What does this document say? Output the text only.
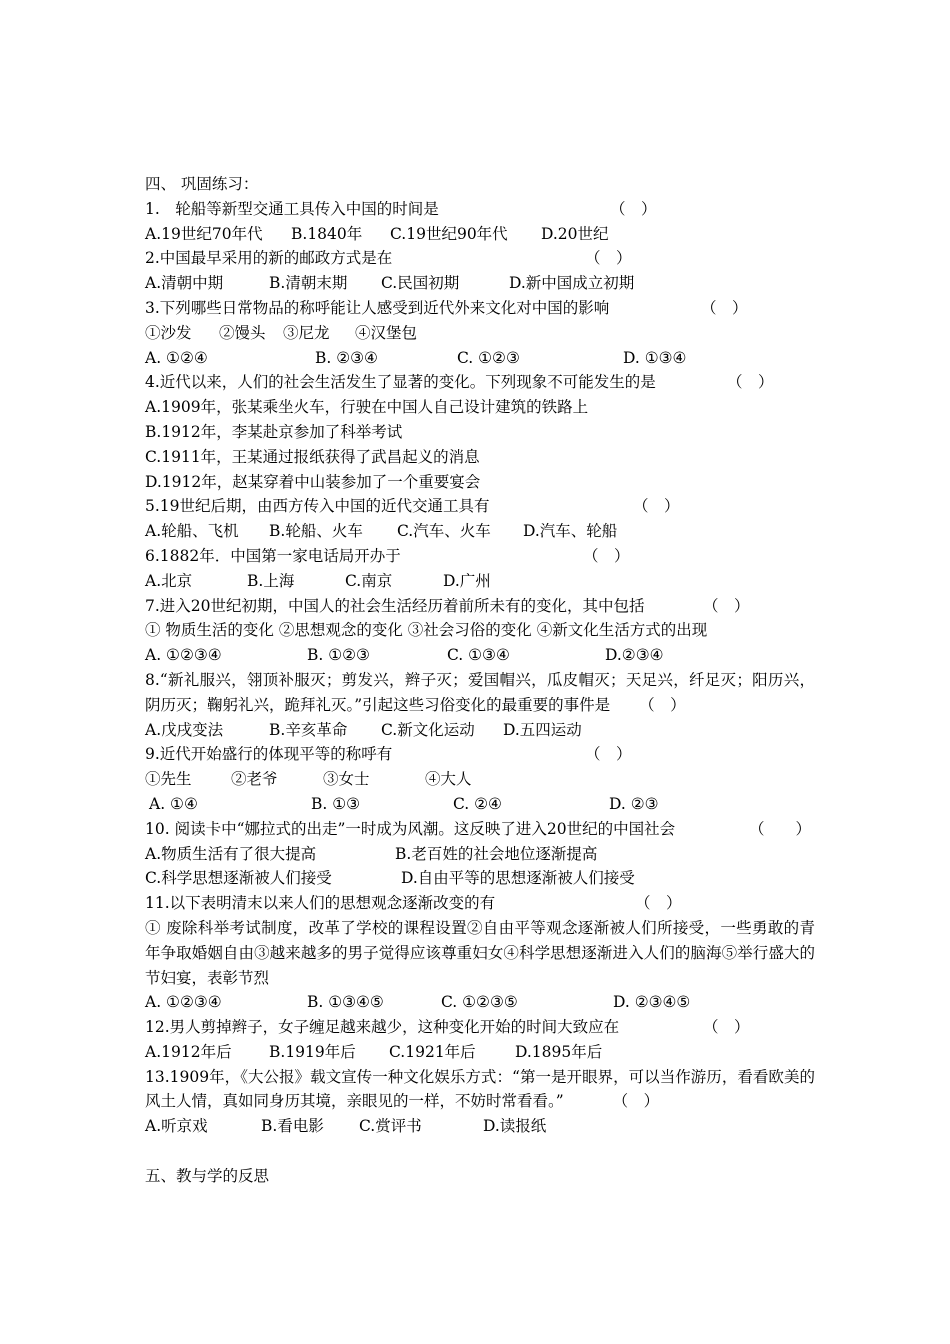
四、 巩固练习：
1.　轮船等新型交通工具传入中国的时间是	（　）
A.19世纪70年代 B.1840年 C.19世纪90年代 D.20世纪
2.中国最早采用的新的邮政方式是在	（　）
A.清朝中期	B.清朝末期 C.民国初期	D.新中国成立初期
3.下列哪些日常物品的称呼能让人感受到近代外来文化对中国的影响	（　）
①沙发 ②馒头 ③尼龙 ④汉堡包
A. ①②④	B. ②③④	C. ①②③	D. ①③④
4.近代以来，人们的社会生活发生了显著的变化。下列现象不可能发生的是	（　）
A.1909年，张某乘坐火车，行驶在中国人自己设计建筑的铁路上
B.1912年，李某赴京参加了科举考试
C.1911年，王某通过报纸获得了武昌起义的消息
D.1912年，赵某穿着中山装参加了一个重要宴会
5.19世纪后期，由西方传入中国的近代交通工具有	（　）
A.轮船、飞机 B.轮船、火车 C.汽车、火车 D.汽车、轮船
6.1882年．中国第一家电话局开办于	（　）
A.北京	B.上海	C.南京	D.广州
7.进入20世纪初期，中国人的社会生活经历着前所未有的变化，其中包括	（　）
① 物质生活的变化 ②思想观念的变化 ③社会习俗的变化 ④新文化生活方式的出现
A. ①②③④	B. ①②③	C. ①③④	D.②③④
8.“新礼服兴，翎顶补服灭；剪发兴，辫子灭；爱国帽兴，瓜皮帽灭；天足兴，纤足灭；阳历兴，阴历灭；鞠躬礼兴，跪拜礼灭。”引起这些习俗变化的最重要的事件是 （　）
A.戊戌变法	B.辛亥革命 C.新文化运动 D.五四运动
9.近代开始盛行的体现平等的称呼有	（　）
①先生	②老爷	③女士	④大人
A. ①④	B. ①③	C. ②④	D. ②③
10. 阅读卡中“娜拉式的出走”一时成为风潮。这反映了进入20世纪的中国社会	（　　）
A.物质生活有了很大提高	B.老百姓的社会地位逐渐提高
C.科学思想逐渐被人们接受	D.自由平等的思想逐渐被人们接受
11.以下表明清末以来人们的思想观念逐渐改变的有	（　）
① 废除科举考试制度，改革了学校的课程设置②自由平等观念逐渐被人们所接受，一些勇敢的青年争取婚姻自由③越来越多的男子觉得应该尊重妇女④科学思想逐渐进入人们的脑海⑤举行盛大的节妇宴，表彰节烈
A. ①②③④	B. ①③④⑤	C. ①②③⑤	D. ②③④⑤
12.男人剪掉辫子，女子缠足越来越少，这种变化开始的时间大致应在	（　）
A.1912年后 B.1919年后 C.1921年后	D.1895年后
13.1909年，《大公报》载文宣传一种文化娱乐方式：“第一是开眼界，可以当作游历，看看欧美的风土人情，真如同身历其境，亲眼见的一样，不妨时常看看。”	（　）
A.听京戏	B.看电影 C.赏评书	D.读报纸
五、教与学的反思
